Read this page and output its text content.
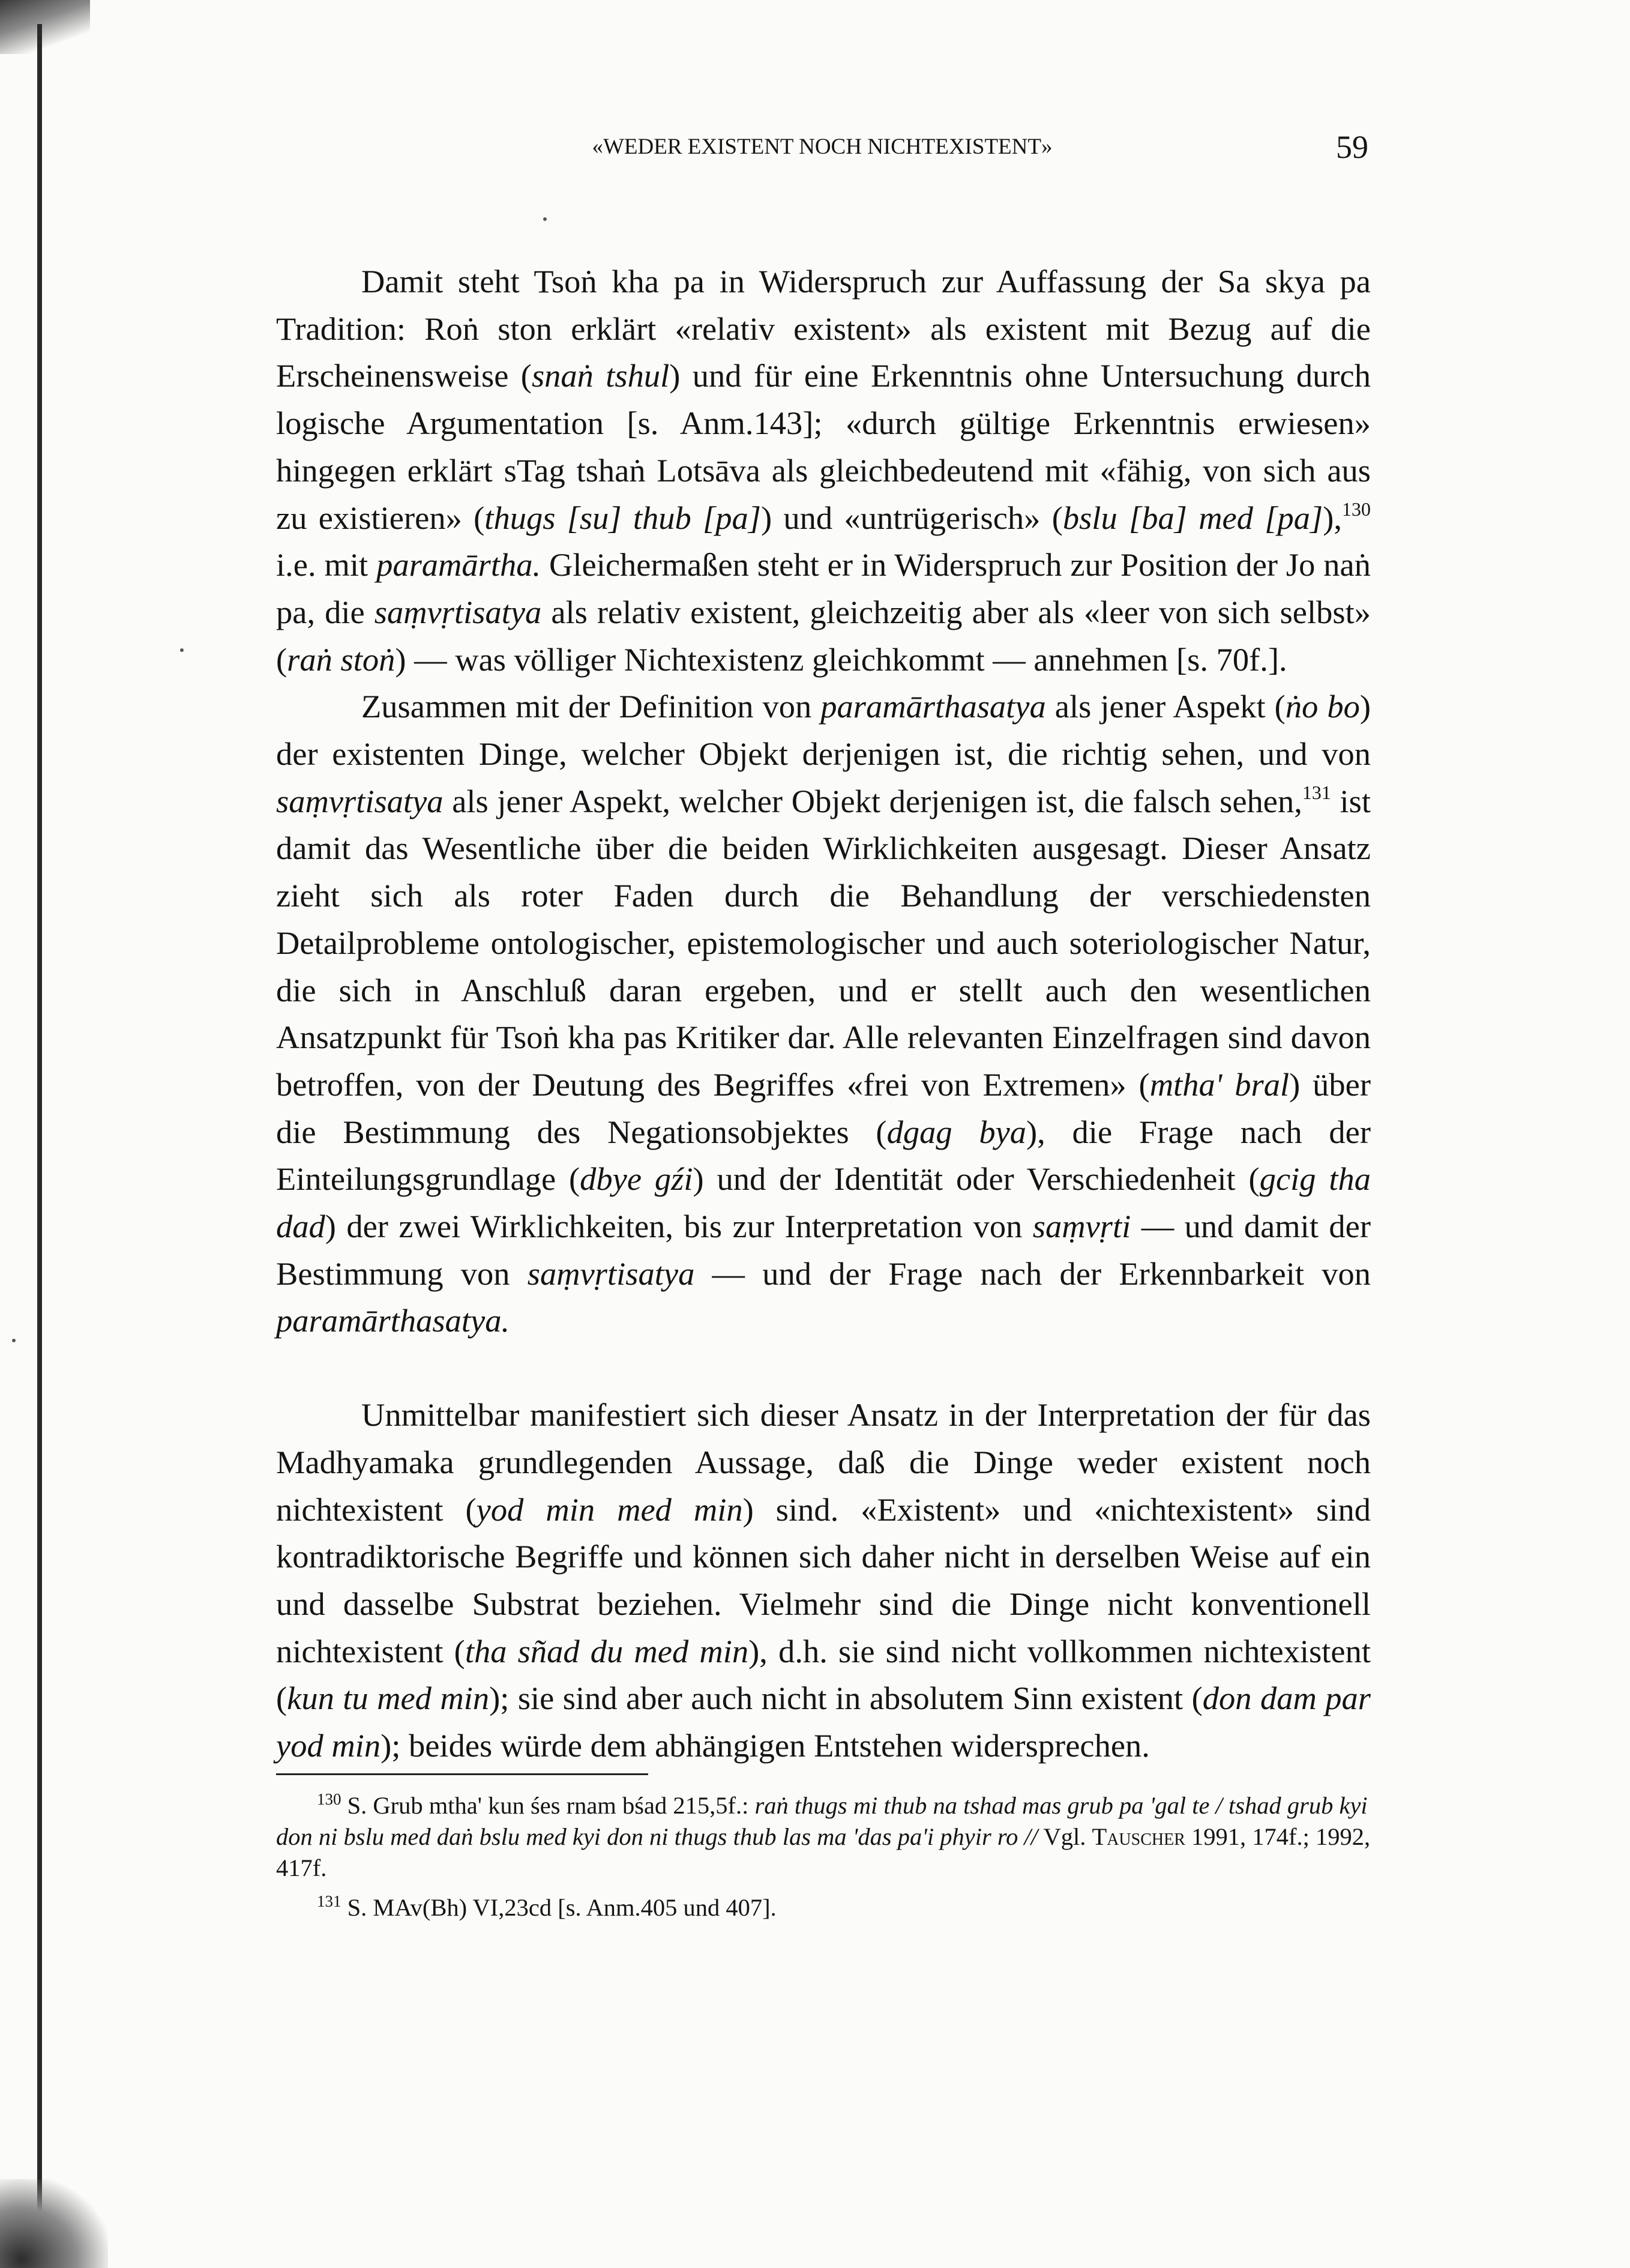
«WEDER EXISTENT NOCH NICHTEXISTENT»	59

Damit steht Tsoṅ kha pa in Widerspruch zur Auffassung der Sa skya pa Tradition: Roṅ ston erklärt «relativ existent» als existent mit Bezug auf die Erscheinensweise (snaṅ tshul) und für eine Erkenntnis ohne Untersuchung durch logische Argumentation [s. Anm.143]; «durch gültige Erkenntnis erwiesen» hingegen erklärt sTag tshaṅ Lotsāva als gleichbedeutend mit «fähig, von sich aus zu existieren» (thugs [su] thub [pa]) und «untrügerisch» (bslu [ba] med [pa]),$^{130}$ i.e. mit paramārtha. Gleichermaßen steht er in Widerspruch zur Position der Jo naṅ pa, die saṃvṛtisatya als relativ existent, gleichzeitig aber als «leer von sich selbst» (raṅ stoṅ) — was völliger Nichtexistenz gleichkommt — annehmen [s. 70f.].

Zusammen mit der Definition von paramārthasatya als jener Aspekt (ṅo bo) der existenten Dinge, welcher Objekt derjenigen ist, die richtig sehen, und von saṃvṛtisatya als jener Aspekt, welcher Objekt derjenigen ist, die falsch sehen,$^{131}$ ist damit das Wesentliche über die beiden Wirklichkeiten ausgesagt. Dieser Ansatz zieht sich als roter Faden durch die Behandlung der verschiedensten Detailprobleme ontologischer, epistemologischer und auch soteriologischer Natur, die sich in Anschluß daran ergeben, und er stellt auch den wesentlichen Ansatzpunkt für Tsoṅ kha pas Kritiker dar. Alle relevanten Einzelfragen sind davon betroffen, von der Deutung des Begriffes «frei von Extremen» (mtha' bral) über die Bestimmung des Negationsobjektes (dgag bya), die Frage nach der Einteilungsgrundlage (dbye gźi) und der Identität oder Verschiedenheit (gcig tha dad) der zwei Wirklichkeiten, bis zur Interpretation von saṃvṛti — und damit der Bestimmung von saṃvṛtisatya — und der Frage nach der Erkennbarkeit von paramārthasatya.

Unmittelbar manifestiert sich dieser Ansatz in der Interpretation der für das Madhyamaka grundlegenden Aussage, daß die Dinge weder existent noch nichtexistent (yod min med min) sind. «Existent» und «nichtexistent» sind kontradiktorische Begriffe und können sich daher nicht in derselben Weise auf ein und dasselbe Substrat beziehen. Vielmehr sind die Dinge nicht konventionell nichtexistent (tha sñad du med min), d.h. sie sind nicht vollkommen nichtexistent (kun tu med min); sie sind aber auch nicht in absolutem Sinn existent (don dam par yod min); beides würde dem abhängigen Entstehen widersprechen.

$^{130}$ S. Grub mtha' kun śes rnam bśad 215,5f.: raṅ thugs mi thub na tshad mas grub pa 'gal te / tshad grub kyi don ni bslu med daṅ bslu med kyi don ni thugs thub las ma 'das pa'i phyir ro // Vgl. Tauscher 1991, 174f.; 1992, 417f.

$^{131}$ S. MAv(Bh) VI,23cd [s. Anm.405 und 407].
